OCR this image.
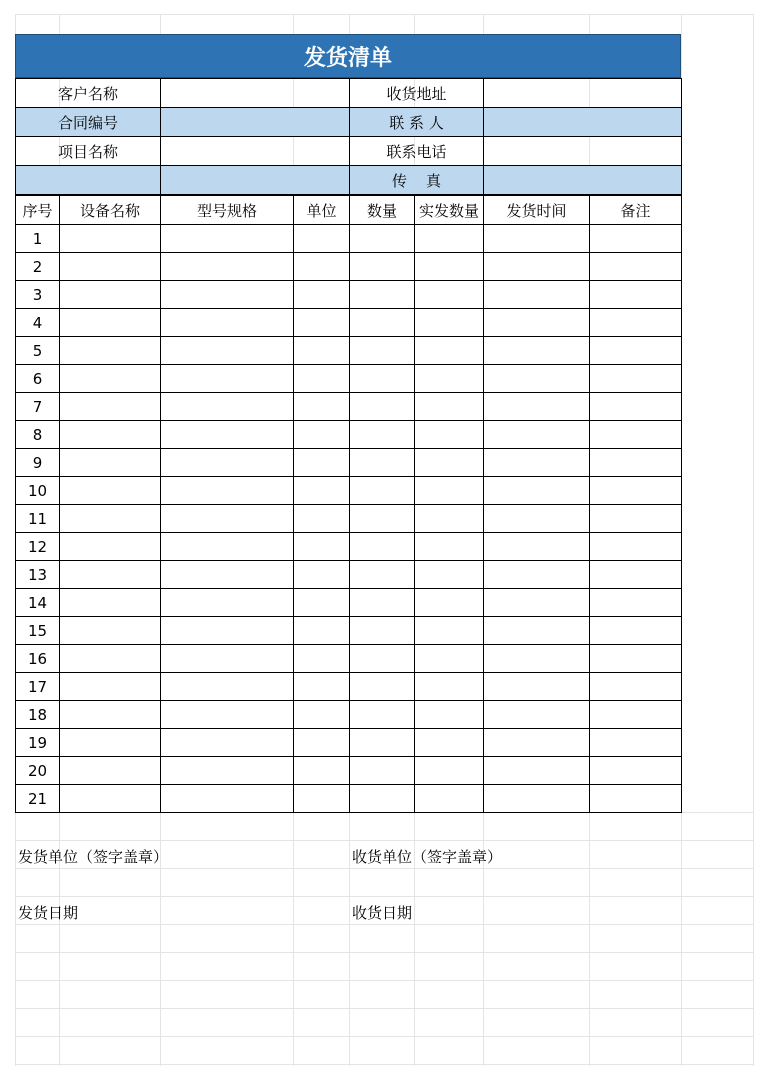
发货清单
客户名称		收货地址	
合同编号		联 系 人	
项目名称		联系电话	
		传    真	
序号	设备名称	型号规格	单位	数量	实发数量	发货时间	备注
1							
2							
3							
4							
5							
6							
7							
8							
9							
10							
11							
12							
13							
14							
15							
16							
17							
18							
19							
20							
21							
发货单位（签字盖章）	收货单位（签字盖章）
发货日期	收货日期
